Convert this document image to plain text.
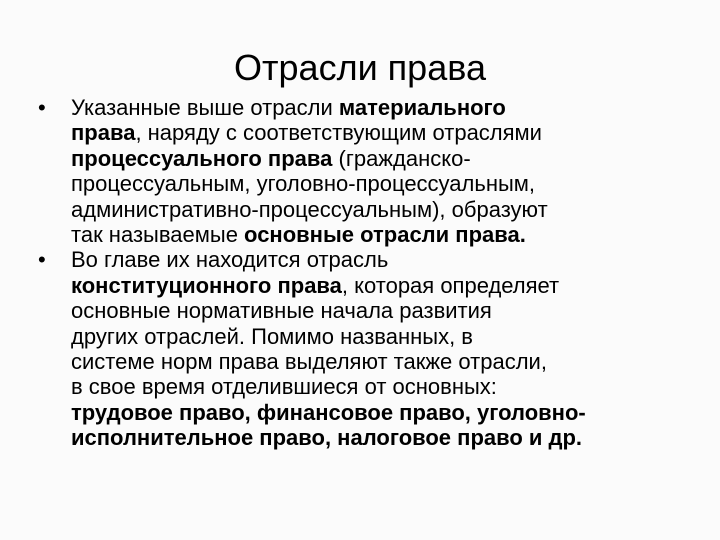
Отрасли права
• Указанные выше отрасли материального
права, наряду с соответствующим отраслями
процессуального права (гражданско-
процессуальным, уголовно-процессуальным,
административно-процессуальным), образуют
так называемые основные отрасли права.
• Во главе их находится отрасль
конституционного права, которая определяет
основные нормативные начала развития
других отраслей. Помимо названных, в
системе норм права выделяют также отрасли,
в свое время отделившиеся от основных:
трудовое право, финансовое право, уголовно-
исполнительное право, налоговое право и др.
